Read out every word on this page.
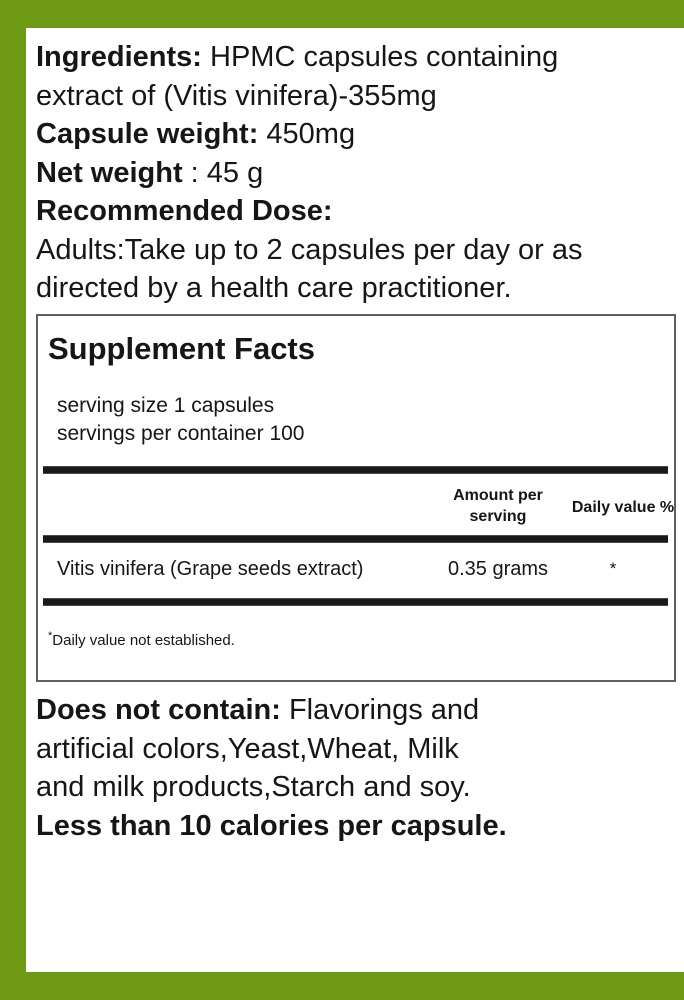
Ingredients: HPMC capsules containing
extract of (Vitis vinifera)-355mg
Capsule weight: 450mg
Net weight : 45 g
Recommended Dose:
Adults:Take up to 2 capsules per day or as
directed by a health care practitioner.
Supplement Facts
serving size 1 capsules
servings per container 100
Amount per serving
Daily value %
Vitis vinifera (Grape seeds extract)	0.35 grams	*
*Daily value not established.
Does not contain: Flavorings and
artificial colors,Yeast,Wheat, Milk
and milk products,Starch and soy.
Less than 10 calories per capsule.
